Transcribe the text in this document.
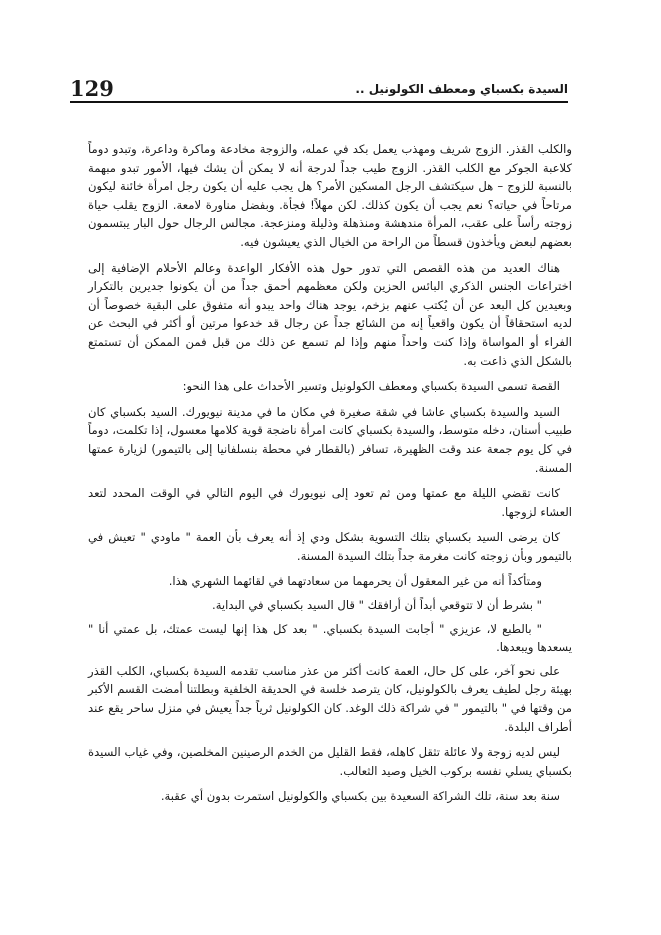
129	السيدة بكسباي ومعطف الكولونيل ..

والكلب القذر. الزوج شريف ومهذب يعمل بكد في عمله، والزوجة مخادعة وماكرة وداعرة، وتبدو دوماً كلاعبة الجوكر مع الكلب القذر. الزوج طيب جداً لدرجة أنه لا يمكن أن يشك فيها، الأمور تبدو مبهمة بالنسبة للزوج – هل سيكتشف الرجل المسكين الأمر؟ هل يجب عليه أن يكون رجل امرأة خائنة ليكون مرتاحاً في حياته؟ نعم يجب أن يكون كذلك. لكن مهلاً! فجأة. وبفضل مناورة لامعة. الزوج يقلب حياة زوجته رأساً على عقب، المرأة مندهشة ومنذهلة وذليلة ومنزعجة. مجالس الرجال حول البار يبتسمون بعضهم لبعض ويأخذون قسطاً من الراحة من الخيال الذي يعيشون فيه.

هناك العديد من هذه القصص التي تدور حول هذه الأفكار الواعدة وعالم الأحلام الإضافية إلى اختراعات الجنس الذكري البائس الحزين ولكن معظمهم أحمق جداً من أن يكونوا جديرين بالتكرار وبعيدين كل البعد عن أن يُكتب عنهم بزخم، يوجد هناك واحد يبدو أنه متفوق على البقية خصوصاً أن لديه استحقاقاً أن يكون واقعياً إنه من الشائع جداً عن رجال قد خدعوا مرتين أو أكثر في البحث عن الفراء أو المواساة وإذا كنت واحداً منهم وإذا لم تسمع عن ذلك من قبل فمن الممكن أن تستمتع بالشكل الذي ذاعت به.

القصة تسمى السيدة بكسباي ومعطف الكولونيل وتسير الأحداث على هذا النحو:

السيد والسيدة بكسباي عاشا في شقة صغيرة في مكان ما في مدينة نيويورك. السيد بكسباي كان طبيب أسنان، دخله متوسط، والسيدة بكسباي كانت امرأة ناضجة قوية كلامها معسول، إذا تكلمت، دوماً في كل يوم جمعة عند وقت الظهيرة، تسافر (بالقطار في محطة بنسلفانيا إلى بالتيمور) لزيارة عمتها المسنة.

كانت تقضي الليلة مع عمتها ومن ثم تعود إلى نيويورك في اليوم التالي في الوقت المحدد لتعد العشاء لزوجها.

كان يرضى السيد بكسباي بتلك التسوية بشكل ودي إذ أنه يعرف بأن العمة " ماودي " تعيش في بالتيمور وبأن زوجته كانت مغرمة جداً بتلك السيدة المسنة.

ومتأكداً أنه من غير المعقول أن يحرمهما من سعادتهما في لقائهما الشهري هذا.

" بشرط أن لا تتوقعي أبداً أن أرافقك " قال السيد بكسباي في البداية.

" بالطبع لا، عزيزي " أجابت السيدة بكسباي. " بعد كل هذا إنها ليست عمتك، بل عمتي أنا " يسعدها ويبعدها.

على نحو آخر، على كل حال، العمة كانت أكثر من عذر مناسب تقدمه السيدة بكسباي، الكلب القذر بهيئة رجل لطيف يعرف بالكولونيل، كان يترصد خلسة في الحديقة الخلفية وبطلتنا أمضت القسم الأكبر من وقتها في " بالتيمور " في شراكة ذلك الوغد. كان الكولونيل ثرياً جداً يعيش في منزل ساحر يقع عند أطراف البلدة.

ليس لديه زوجة ولا عائلة تثقل كاهله، فقط القليل من الخدم الرصينين المخلصين، وفي غياب السيدة بكسباي يسلي نفسه بركوب الخيل وصيد الثعالب.

سنة بعد سنة، تلك الشراكة السعيدة بين بكسباي والكولونيل استمرت بدون أي عقبة.
